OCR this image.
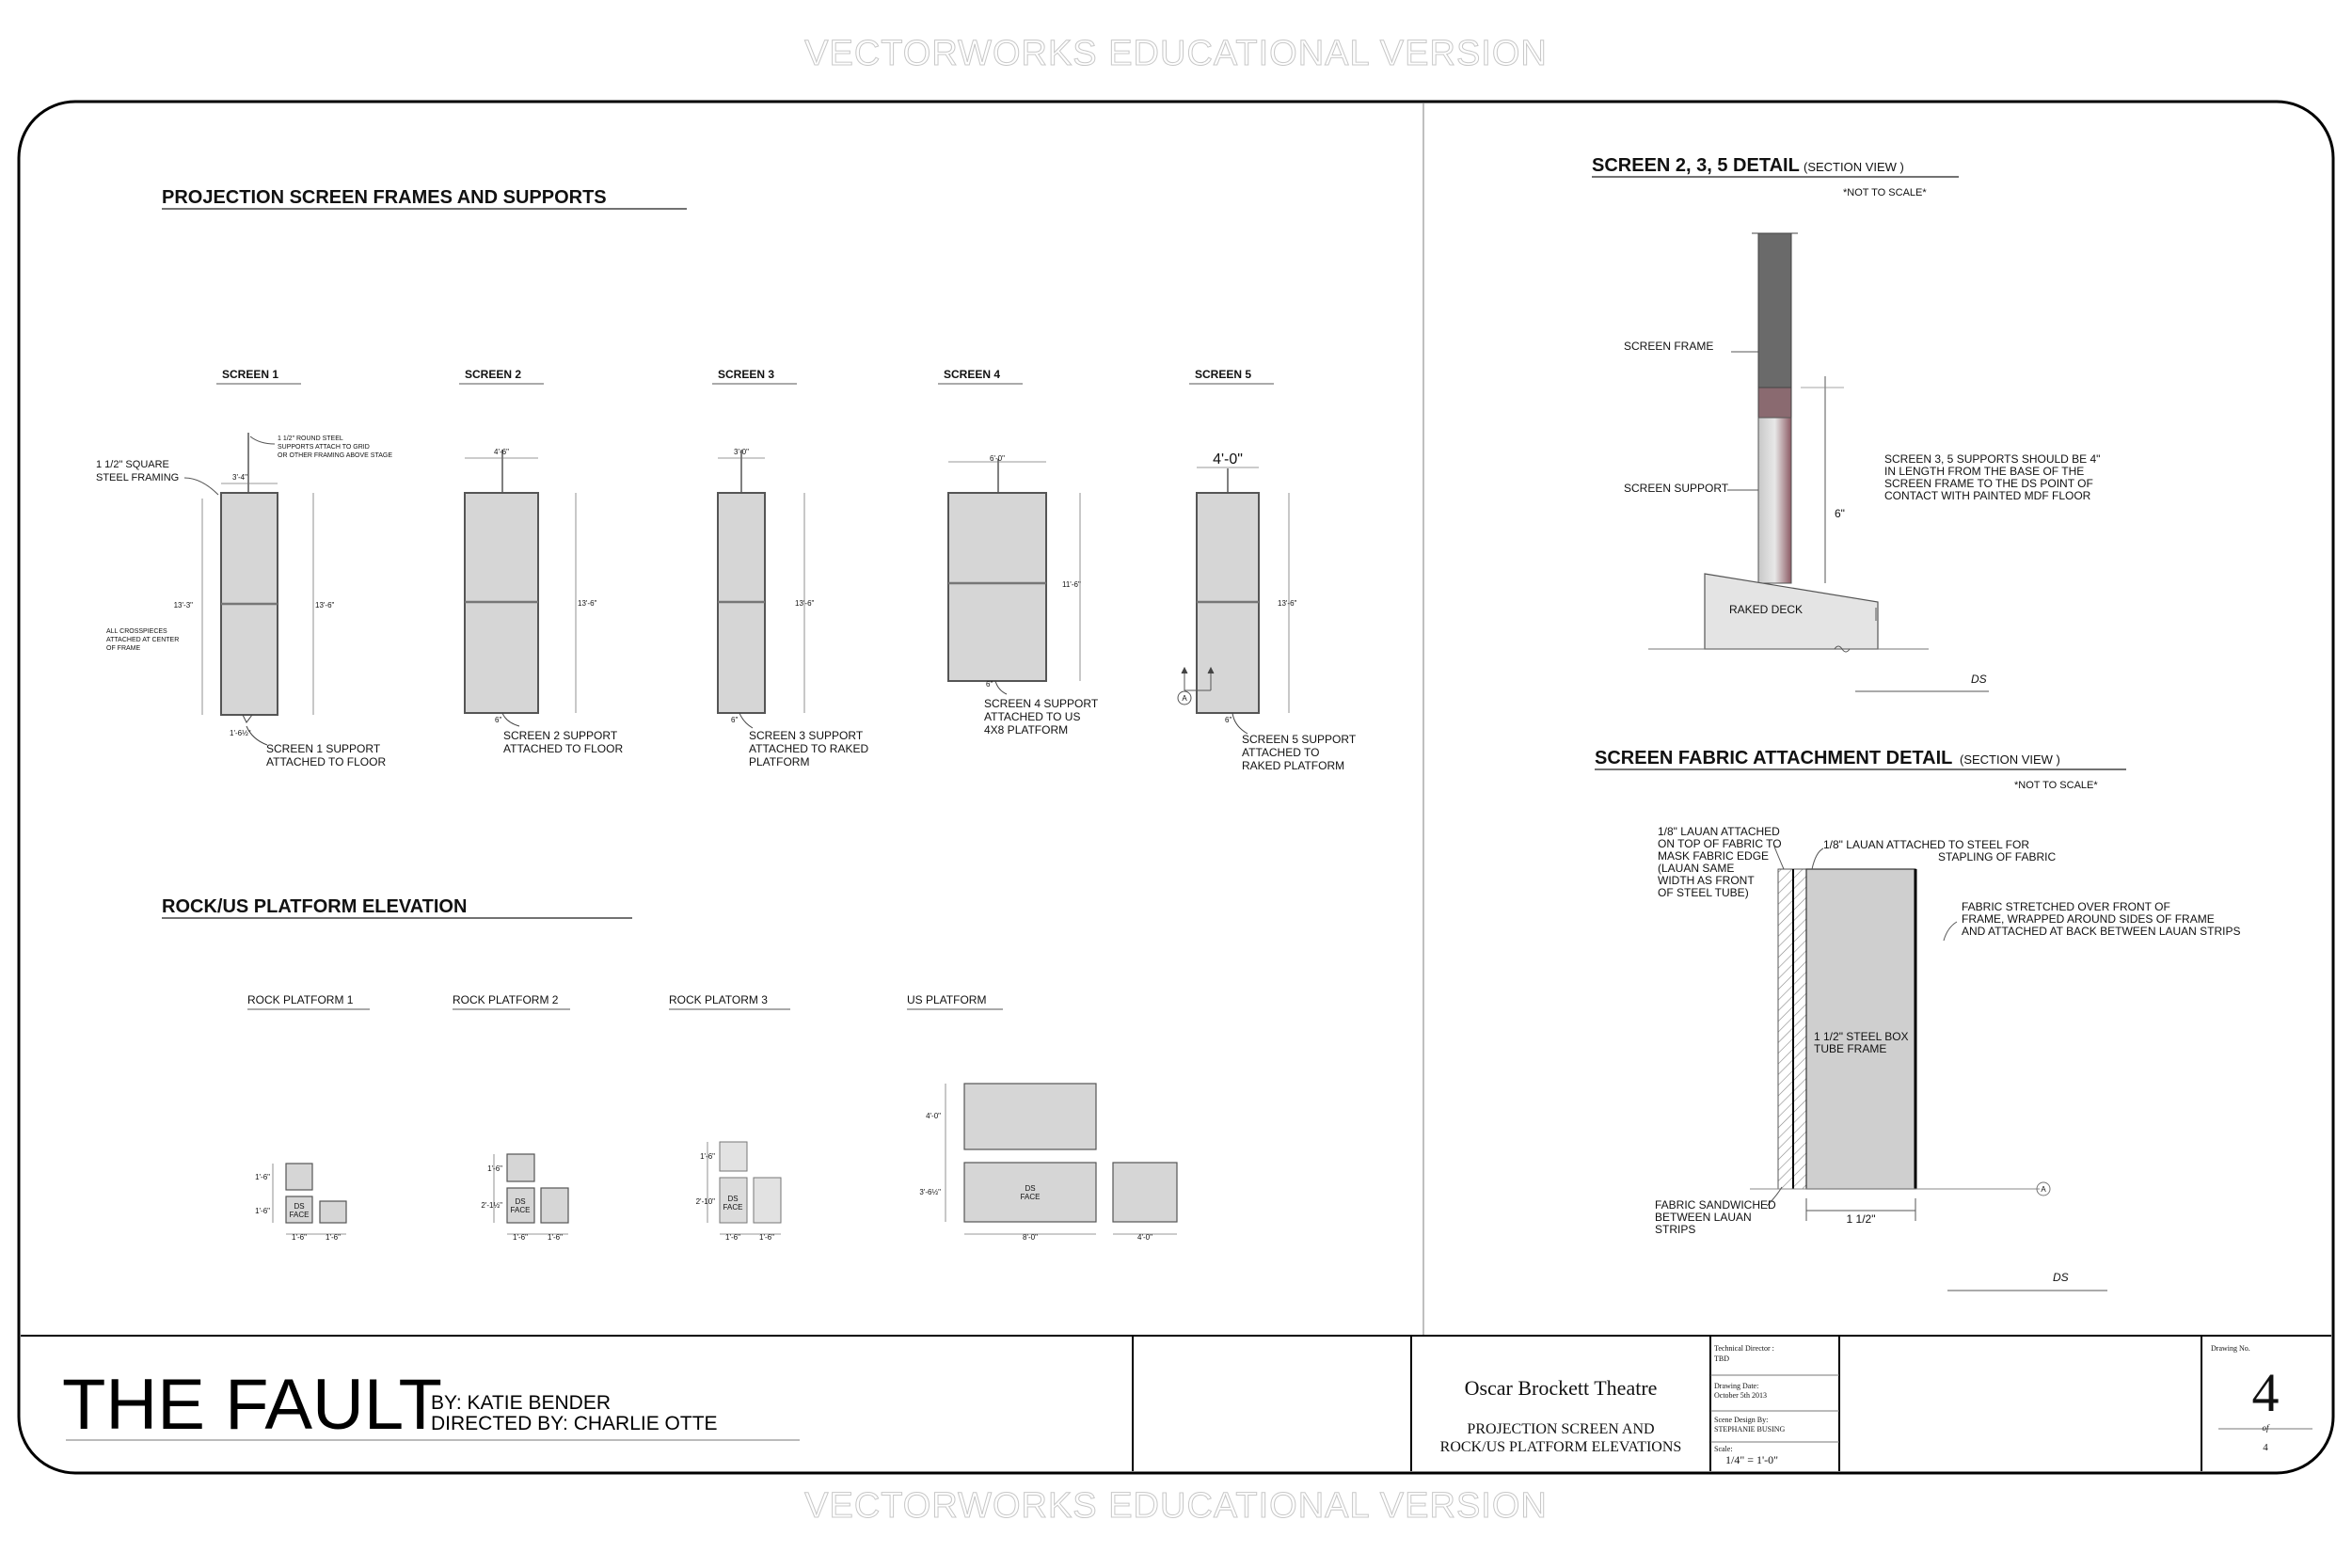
VECTORWORKS EDUCATIONAL VERSION
VECTORWORKS EDUCATIONAL VERSION
PROJECTION SCREEN FRAMES AND SUPPORTS
SCREEN 1	SCREEN 2	SCREEN 3	SCREEN 4	SCREEN 5
3'-4"
13'-6"
13'-3"
1'-6½"
SCREEN 1 SUPPORT
ATTACHED TO FLOOR
1 1/2" SQUARE
STEEL FRAMING
1 1/2" ROUND STEEL
SUPPORTS ATTACH TO GRID
OR OTHER FRAMING ABOVE STAGE
ALL CROSSPIECES
ATTACHED AT CENTER
OF FRAME
4'-6"
13'-6"
6"
SCREEN 2 SUPPORT
ATTACHED TO FLOOR
3'-0"
13'-6"
6"
SCREEN 3 SUPPORT
ATTACHED TO RAKED
PLATFORM
6'-0"
11'-6"
6"
SCREEN 4 SUPPORT
ATTACHED TO US
4X8 PLATFORM
A
4'-0"
13'-6"
6"
SCREEN 5 SUPPORT
ATTACHED TO
RAKED PLATFORM
ROCK/US PLATFORM ELEVATION
ROCK PLATFORM 1	ROCK PLATFORM 2	ROCK PLATORM 3	US PLATFORM
DS
FACE
1'-6"
1'-6"
1'-6"	1'-6"
DS
FACE
1'-6"
2'-1½"
1'-6"	1'-6"
DS
FACE
1'-6"
2'-10"
1'-6"	1'-6"
DS
FACE
4'-0"
3'-6½"
8'-0"	4'-0"
SCREEN 2, 3, 5 DETAIL (SECTION VIEW )
*NOT TO SCALE*
SCREEN FRAME
SCREEN SUPPORT
SCREEN 3, 5 SUPPORTS SHOULD BE 4"
IN LENGTH FROM THE BASE OF THE
SCREEN FRAME TO THE DS POINT OF
CONTACT WITH PAINTED MDF FLOOR
6"
RAKED DECK
DS
SCREEN FABRIC ATTACHMENT DETAIL (SECTION VIEW )
*NOT TO SCALE*
A
1/8" LAUAN ATTACHED
ON TOP OF FABRIC TO
MASK FABRIC EDGE
(LAUAN SAME
WIDTH AS FRONT
OF STEEL TUBE)
1/8" LAUAN ATTACHED TO STEEL FOR
STAPLING OF FABRIC
FABRIC STRETCHED OVER FRONT OF
FRAME, WRAPPED AROUND SIDES OF FRAME
AND ATTACHED AT BACK BETWEEN LAUAN STRIPS
1 1/2" STEEL BOX
TUBE FRAME
FABRIC SANDWICHED
BETWEEN LAUAN
STRIPS
1 1/2"
DS
Oscar Brockett Theatre
PROJECTION SCREEN AND
ROCK/US PLATFORM ELEVATIONS
Technical Director :
TBD
Drawing Date:
October 5th 2013
Scene Design By:
STEPHANIE BUSING
Scale:
1/4" = 1'-0"
Drawing No.
4
of
4
THE FAULT
BY: KATIE BENDER
DIRECTED BY: CHARLIE OTTE
